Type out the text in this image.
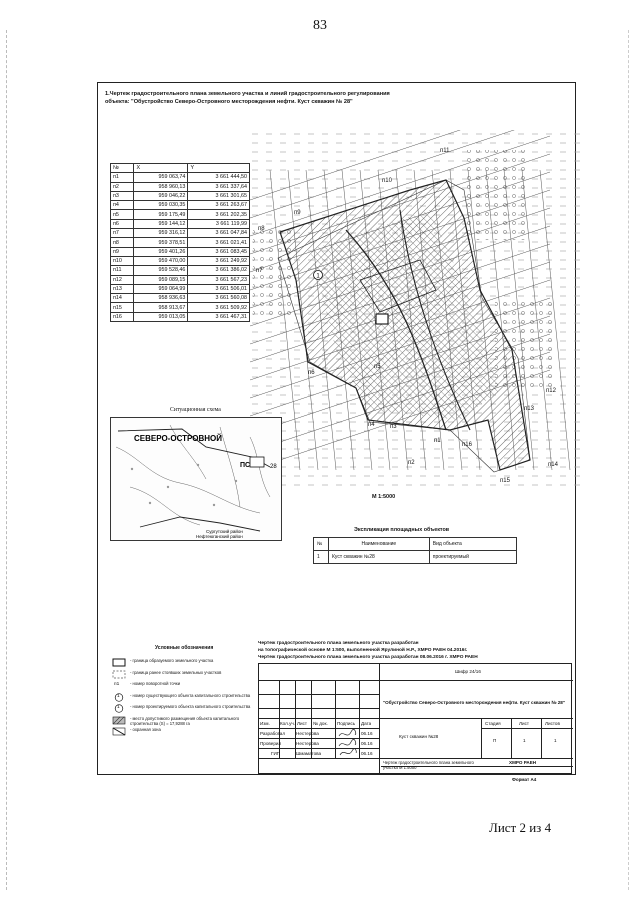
83
1.Чертеж градостроительного плана земельного участка и линий градостроительного регулирования
объекта: "Обустройство Северо-Островного месторождения нефти. Куст скважин № 28"
№	X	Y
п1	959 063,74	3 661 444,50
п2	958 960,13	3 661 337,64
п3	959 046,22	3 661 301,65
п4	959 030,35	3 661 263,67
п5	959 175,49	3 661 202,35
п6	959 144,12	3 661 119,99
п7	959 316,12	3 661 047,84
п8	959 378,51	3 661 021,41
п9	959 401,26	3 661 083,45
п10	959 470,00	3 661 249,92
п11	959 528,46	3 661 386,02
п12	959 089,15	3 661 567,23
п13	959 064,99	3 661 506,01
п14	958 936,63	3 661 560,08
п15	958 913,67	3 661 509,92
п16	959 013,05	3 661 467,31
1
п1
п2
п3
п4
п5
п6
п7
п8
п9
п10
п11
п12
п13
п14
п15
п16
М 1:5000
Ситуационная схема
СЕВЕРО-ОСТРОВНОЙ
ПС	28
Сургутский район
Нефтеюганский район
Экспликация площадных объектов
№	Наименование	Вид объекта
1	Куст скважин №28	проектируемый
Условные обозначения
- граница образуемого земельного участка
- граница ранее стоявших земельных участков
п1	- номер поворотной точки
1 - номер существующего объекта капитального строительства
1 - номер проектируемого объекта капитального строительства
- место допустимого размещения объекта капитального строительства (S) = 17,9288 га
- охранная зона
Чертеж градостроительного плана земельного участка разработан
на топографической основе М 1:500, выполненной Ярулиной Н.Р., ХМРО РАЕН 04.2016г.
Чертеж градостроительного плана земельного участка разработан 08.06.2016 г. ХМРО РАЕН
Шифр 24/16
"Обустройство Северо-Островного месторождения нефти. Куст скважин № 28"
Изм. Кол.уч. Лист № док. Подпись Дата
Разработал Нестерова	06.16
Проверил	Нестерова	06.16
ГИП	Шмаматова	06.16
Куст скважин №28
Стадия	Лист	Листов
П	1	1
Чертеж градостроительного плана земельного участка М 1:5000
ХМРО РАЕН
Формат А4
Лист 2 из 4
